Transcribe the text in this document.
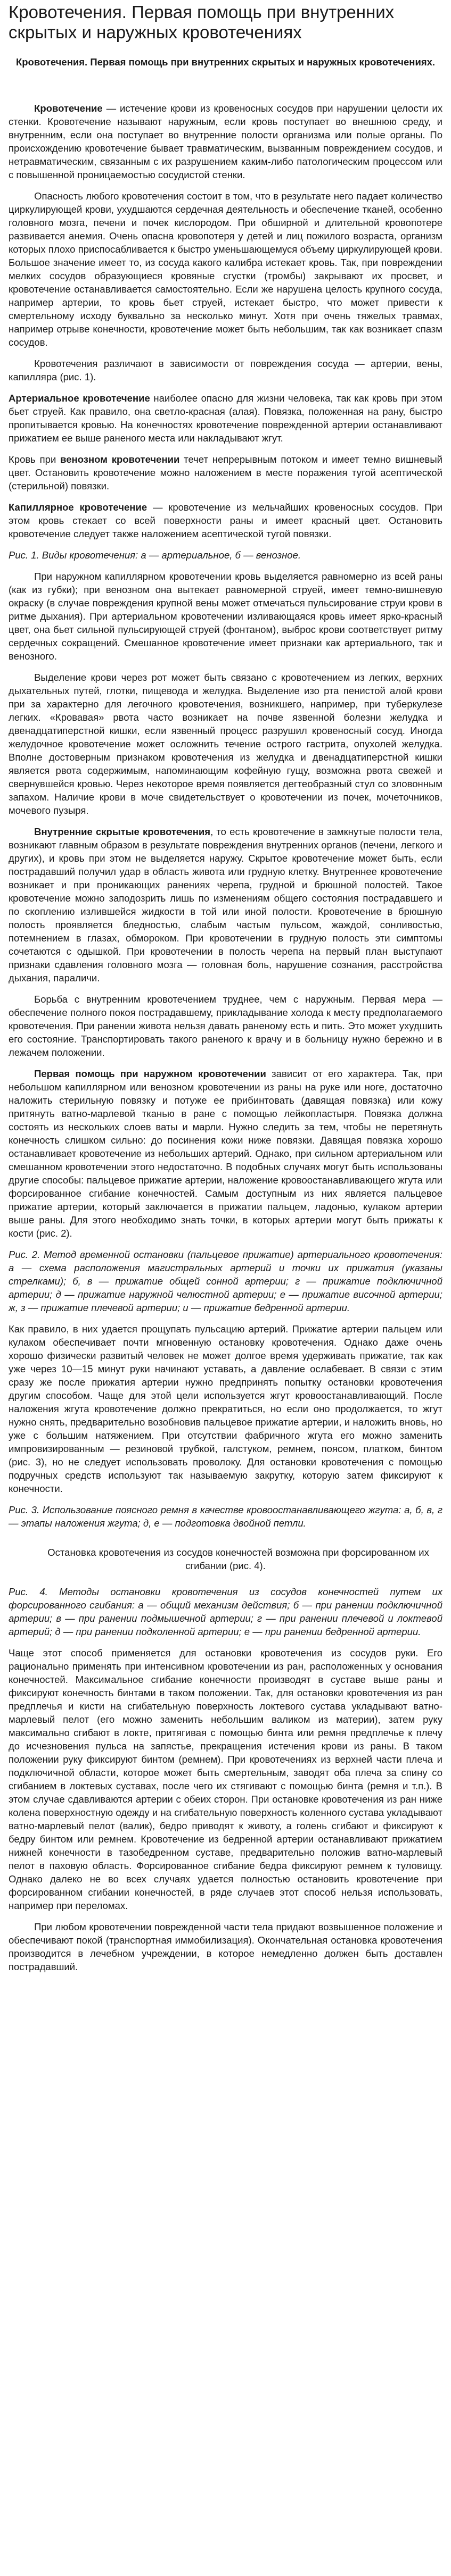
Кровотечения. Первая помощь при внутренних скрытых и наружных кровотечениях

Кровотечения. Первая помощь при внутренних скрытых и наружных кровотечениях.

Кровотечение — истечение крови из кровеносных сосудов при нарушении целости их стенки. Кровотечение называют наружным, если кровь поступает во внешнюю среду, и внутренним, если она поступает во внутренние полости организма или полые органы. По происхождению кровотечение бывает травматическим, вызванным повреждением сосудов, и нетравматическим, связанным с их разрушением каким-либо патологическим процессом или с повышенной проницаемостью сосудистой стенки.

Опасность любого кровотечения состоит в том, что в результате него падает количество циркулирующей крови, ухудшаются сердечная деятельность и обеспечение тканей, особенно головного мозга, печени и почек кислородом. При обширной и длительной кровопотере развивается анемия. Очень опасна кровопотеря у детей и лиц пожилого возраста, организм которых плохо приспосабливается к быстро уменьшающемуся объему циркулирующей крови. Большое значение имеет то, из сосуда какого калибра истекает кровь. Так, при повреждении мелких сосудов образующиеся кровяные сгустки (тромбы) закрывают их просвет, и кровотечение останавливается самостоятельно. Если же нарушена целость крупного сосуда, например артерии, то кровь бьет струей, истекает быстро, что может привести к смертельному исходу буквально за несколько минут. Хотя при очень тяжелых травмах, например отрыве конечности, кровотечение может быть небольшим, так как возникает спазм сосудов.

Кровотечения различают в зависимости от повреждения сосуда — артерии, вены, капилляра (рис. 1).

Артериальное кровотечение наиболее опасно для жизни человека, так как кровь при этом бьет струей. Как правило, она светло-красная (алая). Повязка, положенная на рану, быстро пропитывается кровью. На конечностях кровотечение поврежденной артерии останавливают прижатием ее выше раненого места или накладывают жгут.

Кровь при венозном кровотечении течет непрерывным потоком и имеет темно вишневый цвет. Остановить кровотечение можно наложением в месте поражения тугой асептической (стерильной) повязки.

Капиллярное кровотечение — кровотечение из мельчайших кровеносных сосудов. При этом кровь стекает со всей поверхности раны и имеет красный цвет. Остановить кровотечение следует также наложением асептической тугой повязки.

Рис. 1. Виды кровотечения: а — артериальное, б — венозное.

При наружном капиллярном кровотечении кровь выделяется равномерно из всей раны (как из губки); при венозном она вытекает равномерной струей, имеет темно-вишневую окраску (в случае повреждения крупной вены может отмечаться пульсирование струи крови в ритме дыхания). При артериальном кровотечении изливающаяся кровь имеет ярко-красный цвет, она бьет сильной пульсирующей струей (фонтаном), выброс крови соответствует ритму сердечных сокращений. Смешанное кровотечение имеет признаки как артериального, так и венозного.

Выделение крови через рот может быть связано с кровотечением из легких, верхних дыхательных путей, глотки, пищевода и желудка. Выделение изо рта пенистой алой крови при за характерно для легочного кровотечения, возникшего, например, при туберкулезе легких. «Кровавая» рвота часто возникает на почве язвенной болезни желудка и двенадцатиперстной кишки, если язвенный процесс разрушил кровеносный сосуд. Иногда желудочное кровотечение может осложнить течение острого гастрита, опухолей желудка. Вполне достоверным признаком кровотечения из желудка и двенадцатиперстной кишки является рвота содержимым, напоминающим кофейную гущу, возможна рвота свежей и свернувшейся кровью. Через некоторое время появляется дегтеобразный стул со зловонным запахом. Наличие крови в моче свидетельствует о кровотечении из почек, мочеточников, мочевого пузыря.

Внутренние скрытые кровотечения, то есть кровотечение в замкнутые полости тела, возникают главным образом в результате повреждения внутренних органов (печени, легкого и других), и кровь при этом не выделяется наружу. Скрытое кровотечение может быть, если пострадавший получил удар в область живота или грудную клетку. Внутреннее кровотечение возникает и при проникающих ранениях черепа, грудной и брюшной полостей. Такое кровотечение можно заподозрить лишь по изменениям общего состояния пострадавшего и по скоплению излившейся жидкости в той или иной полости. Кровотечение в брюшную полость проявляется бледностью, слабым частым пульсом, жаждой, сонливостью, потемнением в глазах, обмороком. При кровотечении в грудную полость эти симптомы сочетаются с одышкой. При кровотечении в полость черепа на первый план выступают признаки сдавления головного мозга — головная боль, нарушение сознания, расстройства дыхания, параличи.

Борьба с внутренним кровотечением труднее, чем с наружным. Первая мера — обеспечение полного покоя пострадавшему, прикладывание холода к месту предполагаемого кровотечения. При ранении живота нельзя давать раненому есть и пить. Это может ухудшить его состояние. Транспортировать такого раненого к врачу и в больницу нужно бережно и в лежачем положении.

Первая помощь при наружном кровотечении зависит от его характера. Так, при небольшом капиллярном или венозном кровотечении из раны на руке или ноге, достаточно наложить стерильную повязку и потуже ее прибинтовать (давящая повязка) или кожу притянуть ватно-марлевой тканью в ране с помощью лейкопластыря. Повязка должна состоять из нескольких слоев ваты и марли. Нужно следить за тем, чтобы не перетянуть конечность слишком сильно: до посинения кожи ниже повязки. Давящая повязка хорошо останавливает кровотечение из небольших артерий. Однако, при сильном артериальном или смешанном кровотечении этого недостаточно. В подобных случаях могут быть использованы другие способы: пальцевое прижатие артерии, наложение кровоостанавливающего жгута или форсированное сгибание конечностей. Самым доступным из них является пальцевое прижатие артерии, который заключается в прижатии пальцем, ладонью, кулаком артерии выше раны. Для этого необходимо знать точки, в которых артерии могут быть прижаты к кости (рис. 2).

Рис. 2. Метод временной остановки (пальцевое прижатие) артериального кровотечения: а — схема расположения магистральных артерий и точки их прижатия (указаны стрелками); б, в — прижатие общей сонной артерии; г — прижатие подключичной артерии; д — прижатие наружной челюстной артерии; е — прижатие височной артерии; ж, з — прижатие плечевой артерии; и — прижатие бедренной артерии.

Как правило, в них удается прощупать пульсацию артерий. Прижатие артерии пальцем или кулаком обеспечивает почти мгновенную остановку кровотечения. Однако даже очень хорошо физически развитый человек не может долгое время удерживать прижатие, так как уже через 10—15 минут руки начинают уставать, а давление ослабевает. В связи с этим сразу же после прижатия артерии нужно предпринять попытку остановки кровотечения другим способом. Чаще для этой цели используется жгут кровоостанавливающий. После наложения жгута кровотечение должно прекратиться, но если оно продолжается, то жгут нужно снять, предварительно возобновив пальцевое прижатие артерии, и наложить вновь, но уже с большим натяжением. При отсутствии фабричного жгута его можно заменить импровизированным — резиновой трубкой, галстуком, ремнем, поясом, платком, бинтом (рис. 3), но не следует использовать проволоку. Для остановки кровотечения с помощью подручных средств используют так называемую закрутку, которую затем фиксируют к конечности.

Рис. 3. Использование поясного ремня в качестве кровоостанавливающего жгута: а, б, в, г — этапы наложения жгута; д, е — подготовка двойной петли.

Остановка кровотечения из сосудов конечностей возможна при форсированном их сгибании (рис. 4).

Рис. 4. Методы остановки кровотечения из сосудов конечностей путем их форсированного сгибания: а — общий механизм действия; б — при ранении подключичной артерии; в — при ранении подмышечной артерии; г — при ранении плечевой и локтевой артерий; д — при ранении подколенной артерии; е — при ранении бедренной артерии.

Чаще этот способ применяется для остановки кровотечения из сосудов руки. Его рационально применять при интенсивном кровотечении из ран, расположенных у основания конечностей. Максимальное сгибание конечности производят в суставе выше раны и фиксируют конечность бинтами в таком положении. Так, для остановки кровотечения из ран предплечья и кисти на сгибательную поверхность локтевого сустава укладывают ватно-марлевый пелот (его можно заменить небольшим валиком из материи), затем руку максимально сгибают в локте, притягивая с помощью бинта или ремня предплечье к плечу до исчезновения пульса на запястье, прекращения истечения крови из раны. В таком положении руку фиксируют бинтом (ремнем). При кровотечениях из верхней части плеча и подключичной области, которое может быть смертельным, заводят оба плеча за спину со сгибанием в локтевых суставах, после чего их стягивают с помощью бинта (ремня и т.п.). В этом случае сдавливаются артерии с обеих сторон. При остановке кровотечения из ран ниже колена поверхностную одежду и на сгибательную поверхность коленного сустава укладывают ватно-марлевый пелот (валик), бедро приводят к животу, а голень сгибают и фиксируют к бедру бинтом или ремнем. Кровотечение из бедренной артерии останавливают прижатием нижней конечности в тазобедренном суставе, предварительно положив ватно-марлевый пелот в паховую область. Форсированное сгибание бедра фиксируют ремнем к туловищу. Однако далеко не во всех случаях удается полностью остановить кровотечение при форсированном сгибании конечностей, в ряде случаев этот способ нельзя использовать, например при переломах.

При любом кровотечении поврежденной части тела придают возвышенное положение и обеспечивают покой (транспортная иммобилизация). Окончательная остановка кровотечения производится в лечебном учреждении, в которое немедленно должен быть доставлен пострадавший.
